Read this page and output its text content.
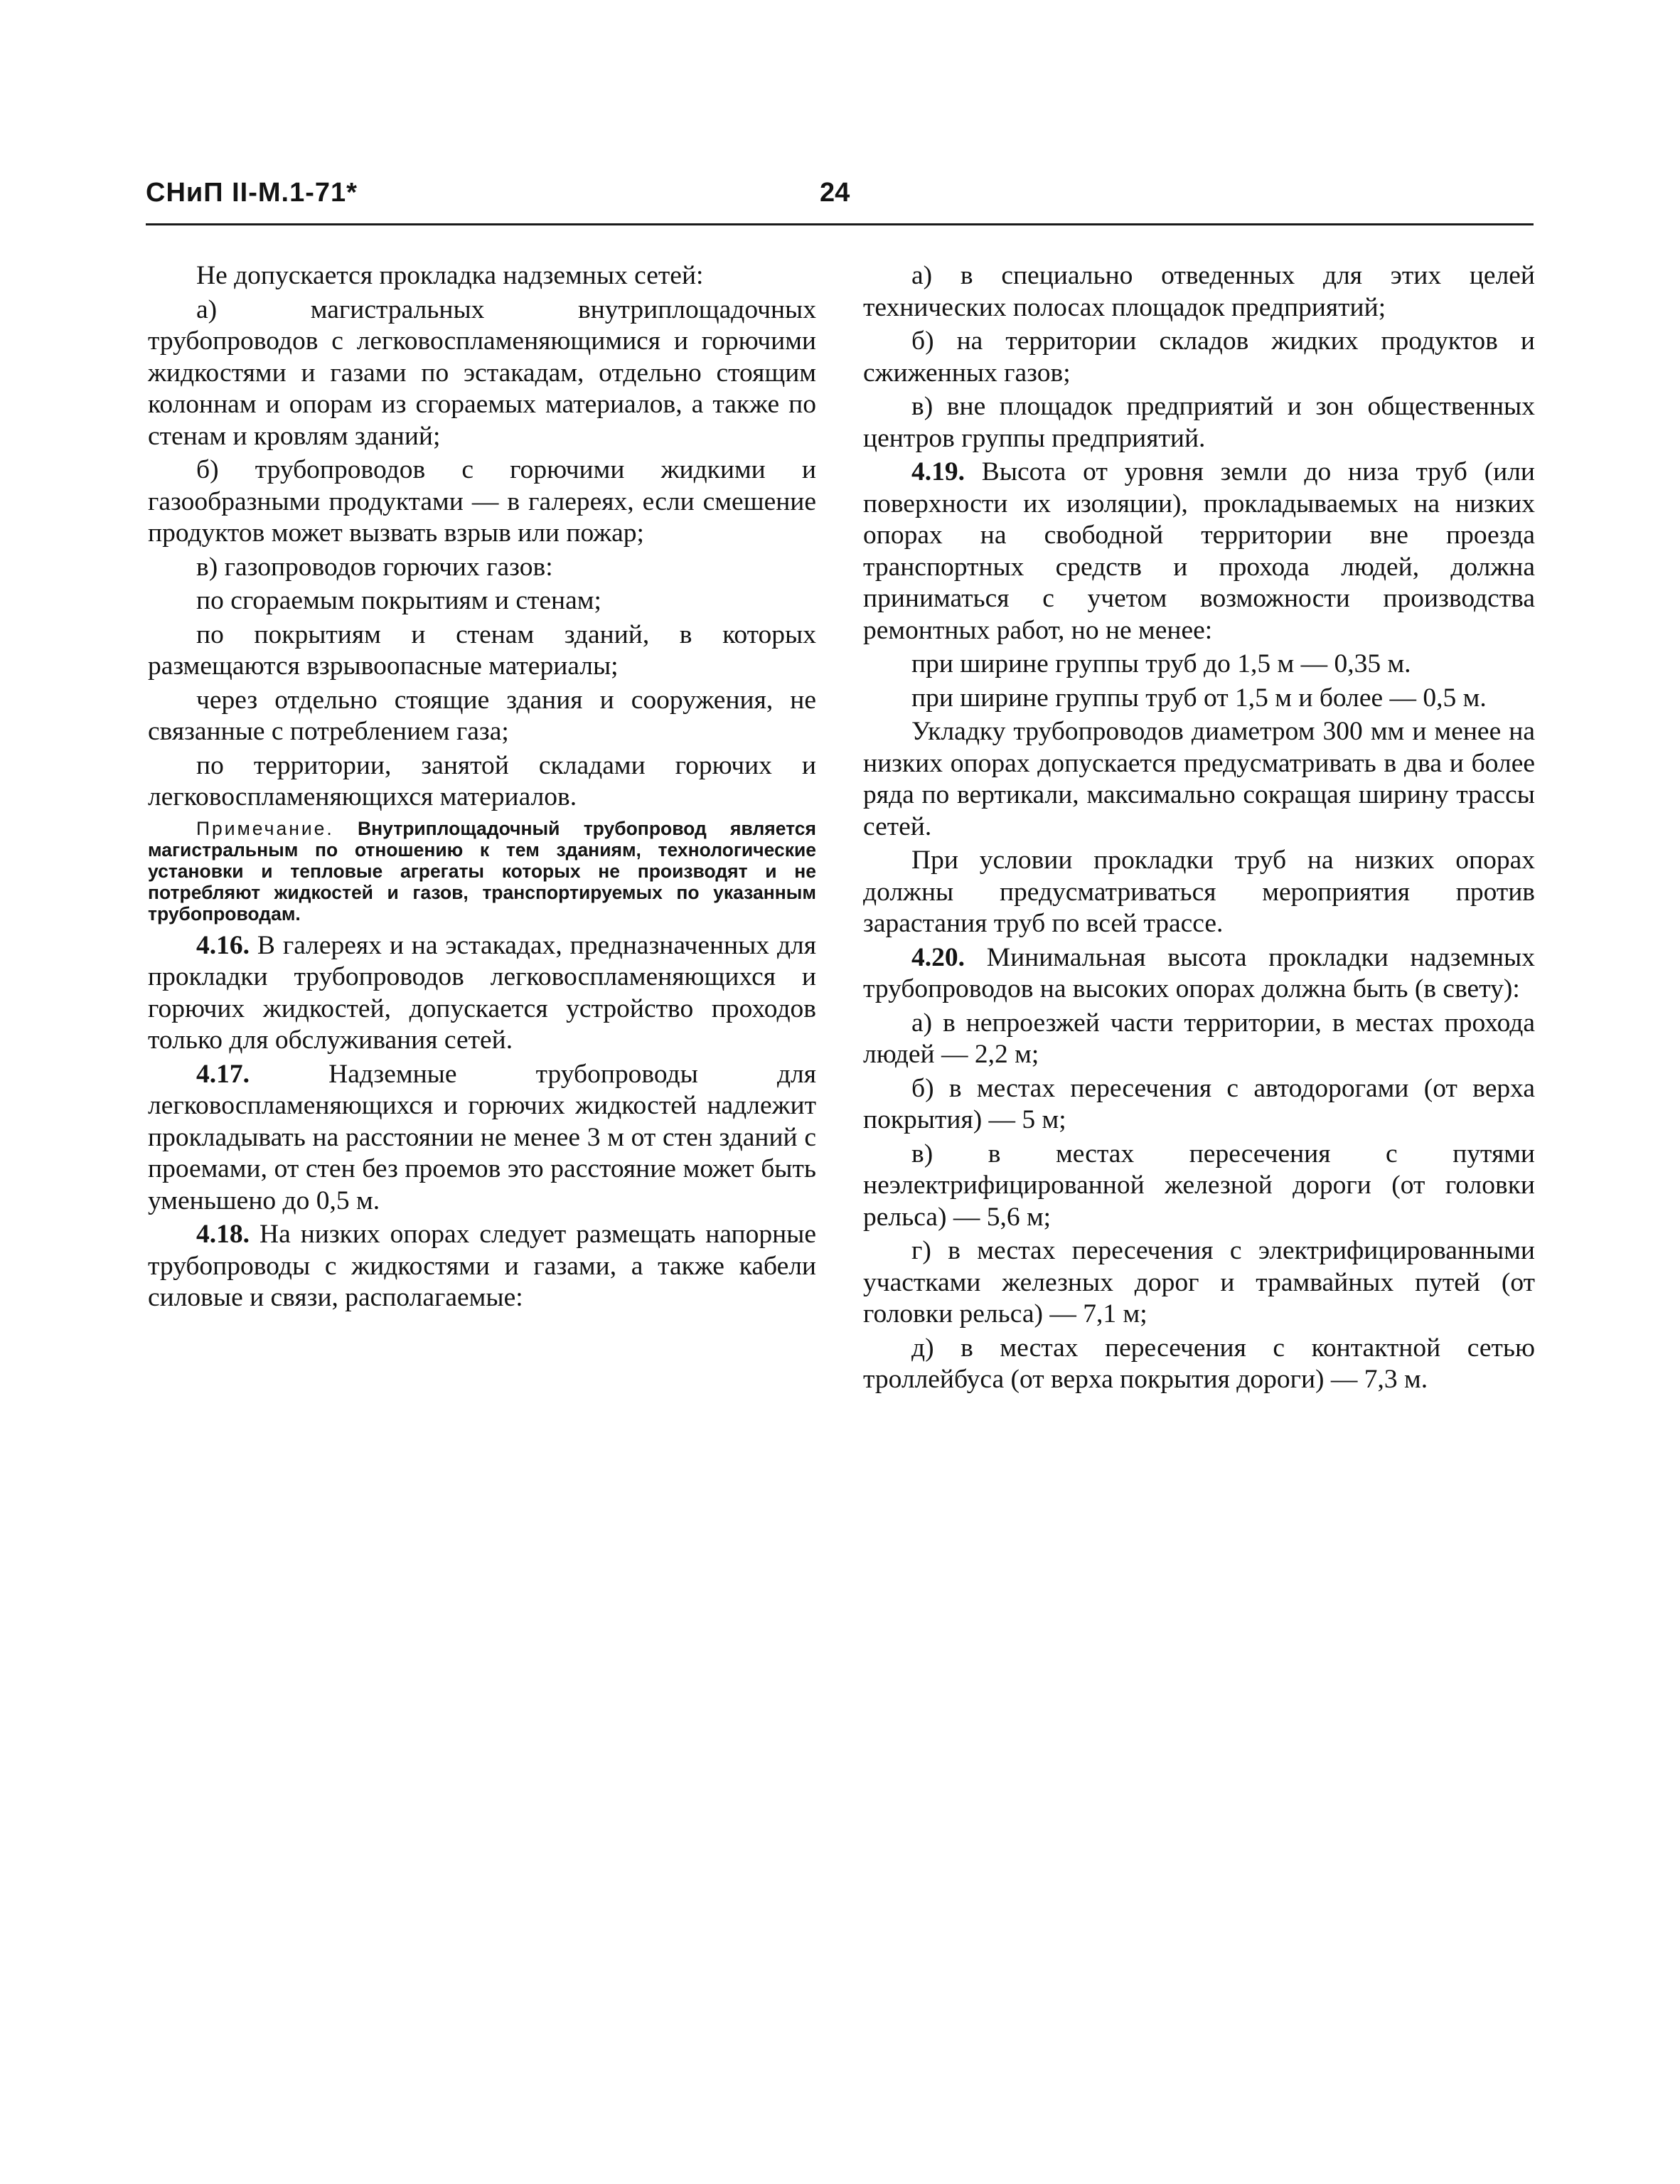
СНиП II-М.1-71*	24

Не допускается прокладка надземных сетей:

а) магистральных внутриплощадочных трубопроводов с легковоспламеняющимися и горючими жидкостями и газами по эстакадам, отдельно стоящим колоннам и опорам из сгораемых материалов, а также по стенам и кровлям зданий;

б) трубопроводов с горючими жидкими и газообразными продуктами — в галереях, если смешение продуктов может вызвать взрыв или пожар;

в) газопроводов горючих газов:

по сгораемым покрытиям и стенам;

по покрытиям и стенам зданий, в которых размещаются взрывоопасные материалы;

через отдельно стоящие здания и сооружения, не связанные с потреблением газа;

по территории, занятой складами горючих и легковоспламеняющихся материалов.

Примечание. Внутриплощадочный трубопровод является магистральным по отношению к тем зданиям, технологические установки и тепловые агрегаты которых не производят и не потребляют жидкостей и газов, транспортируемых по указанным трубопроводам.

4.16. В галереях и на эстакадах, предназначенных для прокладки трубопроводов легковоспламеняющихся и горючих жидкостей, допускается устройство проходов только для обслуживания сетей.

4.17.	Надземные трубопроводы для легковоспламеняющихся и горючих жидкостей надлежит прокладывать на расстоянии не менее 3 м от стен зданий с проемами, от стен без проемов это расстояние может быть уменьшено до 0,5 м.

4.18. На низких опорах следует размещать напорные трубопроводы с жидкостями и газами, а также кабели силовые и связи, располагаемые:

а) в специально отведенных для этих целей технических полосах площадок предприятий;

б) на территории складов жидких продуктов и сжиженных газов;

в) вне площадок предприятий и зон общественных центров группы предприятий.

4.19. Высота от уровня земли до низа труб (или поверхности их изоляции), прокладываемых на низких опорах на свободной территории вне проезда транспортных средств и прохода людей, должна приниматься с учетом возможности производства ремонтных работ, но не менее:

при ширине группы труб до 1,5 м — 0,35 м.

при ширине группы труб от 1,5 м и более — 0,5 м.

Укладку трубопроводов диаметром 300 мм и менее на низких опорах допускается предусматривать в два и более ряда по вертикали, максимально сокращая ширину трассы сетей.

При условии прокладки труб на низких опорах должны предусматриваться мероприятия против зарастания труб по всей трассе.

4.20. Минимальная высота прокладки надземных трубопроводов на высоких опорах должна быть (в свету):

а) в непроезжей части территории, в местах прохода людей — 2,2 м;

б) в местах пересечения с автодорогами (от верха покрытия) — 5 м;

в) в местах пересечения с путями неэлектрифицированной железной дороги (от головки рельса) — 5,6 м;

г) в местах пересечения с электрифицированными участками железных дорог и трамвайных путей (от головки рельса) — 7,1 м;

д) в местах пересечения с контактной сетью троллейбуса (от верха покрытия дороги) — 7,3 м.
